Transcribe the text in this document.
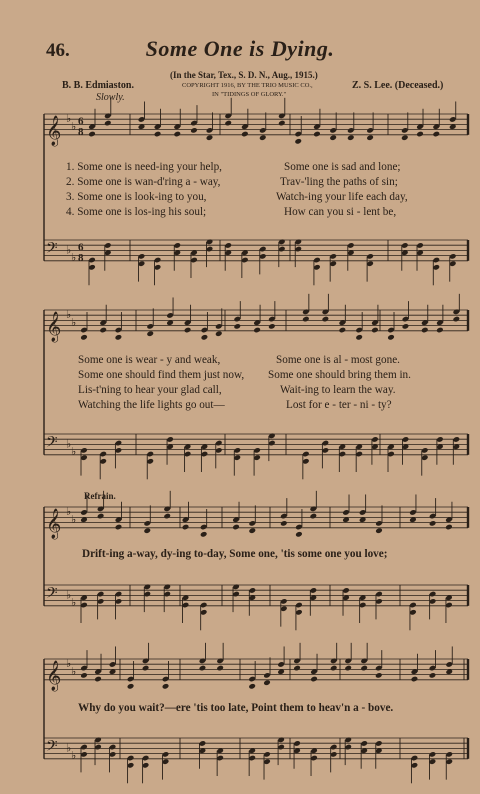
46.	Some One is Dying.
(In the Star, Tex., S. D. N., Aug., 1915.)
COPYRIGHT 1916, BY THE TRIO MUSIC CO.,
IN "TIDINGS OF GLORY."
B. B. Edmiaston.	Z. S. Lee. (Deceased.)
Slowly.
Refrain.
𝄞
𝄢
♭
♭
♭
♭
6
6
8
8
𝄞
𝄢
♭
♭
♭
♭
𝄞
𝄢
♭
♭
♭
♭
𝄞
𝄢
♭
♭
♭
♭
1. Some one is need-ing your help,	Some one is sad and lone;
2. Some one is wan-d'ring a - way,	Trav-'ling the paths of sin;
3. Some one is look-ing to you,	Watch-ing your life each day,
4. Some one is los-ing his soul;	How can you si - lent be,
Some one is wear - y and weak,	Some one is al - most gone.
Some one should find them just now, Some one should bring them in.
Lis-t'ning to hear your glad call,	Wait-ing to learn the way.
Watching the life lights go out—	Lost for e - ter - ni - ty?
Drift-ing a-way, dy-ing to-day, Some one, 'tis some one you love;
Why do you wait?—ere 'tis too late, Point them to heav'n a - bove.
